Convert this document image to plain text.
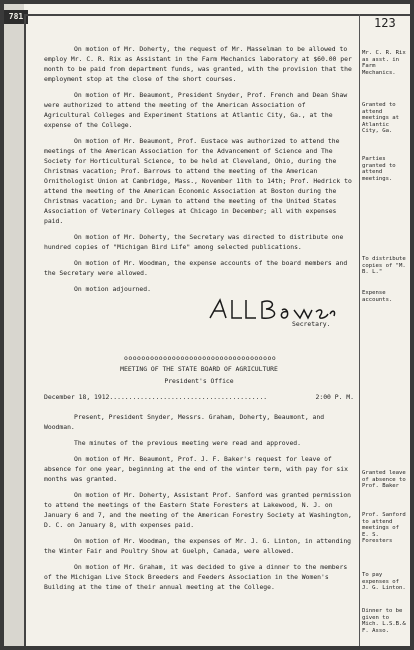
781	123

On motion of Mr. Doherty, the request of Mr. Masselman to be allowed to employ Mr. C. R. Rix as Assistant in the Farm Mechanics laboratory at $60.00 per month to be paid from department funds, was granted, with the provision that the employment stop at the close of the short courses.

On motion of Mr. Beaumont, President Snyder, Prof. French and Dean Shaw were authorized to attend the meeting of the American Association of Agricultural Colleges and Experiment Stations at Atlantic City, Ga., at the expense of the College.

On motion of Mr. Beaumont, Prof. Eustace was authorized to attend the meetings of the American Association for the Advancement of Science and The Society for Horticultural Science, to be held at Cleveland, Ohio, during the Christmas vacation; Prof. Barrows to attend the meeting of the American Ornithologist Union at Cambridge, Mass., November 11th to 14th; Prof. Hedrick to attend the meeting of the American Economic Association at Boston during the Christmas vacation; and Dr. Lyman to attend the meeting of the United States Association of Veterinary Colleges at Chicago in December; all with expenses paid.

On motion of Mr. Doherty, the Secretary was directed to distribute one hundred copies of "Michigan Bird Life" among selected publications.

On motion of Mr. Woodman, the expense accounts of the board members and the Secretary were allowed.

On motion adjourned.

MEETING OF THE STATE BOARD OF AGRICULTURE

President's Office

December 18, 1912.........................................	2:00 P. M.

Present, President Snyder, Messrs. Graham, Doherty, Beaumont, and Woodman.

The minutes of the previous meeting were read and approved.

On motion of Mr. Beaumont, Prof. J. F. Baker's request for leave of absence for one year, beginning at the end of the winter term, with pay for six months was granted.

On motion of Mr. Doherty, Assistant Prof. Sanford was granted permission to attend the meetings of the Eastern State Foresters at Lakewood, N. J. on January 6 and 7, and the meeting of the American Forestry Society at Washington, D. C. on January 8, with expenses paid.

On motion of Mr. Woodman, the expenses of Mr. J. G. Linton, in attending the Winter Fair and Poultry Show at Guelph, Canada, were allowed.

On motion of Mr. Graham, it was decided to give a dinner to the members of the Michigan Live Stock Breeders and Feeders Association in the Women's Building at the time of their annual meeting at the College.

Secretary.
ooooooooooooooooooooooooooooooooooo
Mr. C. R. Rix as asst. in Farm Mechanics.
Granted to attend meetings at Atlantic City, Ga.
Parties granted to attend meetings.
To distribute copies of "M. B. L."
Expense accounts.
Granted leave of absence to Prof. Baker
Prof. Sanford to attend meetings of E. S. Foresters
To pay expenses of J. G. Linton.
Dinner to be given to Mich. L.S.B.& F. Asso.
